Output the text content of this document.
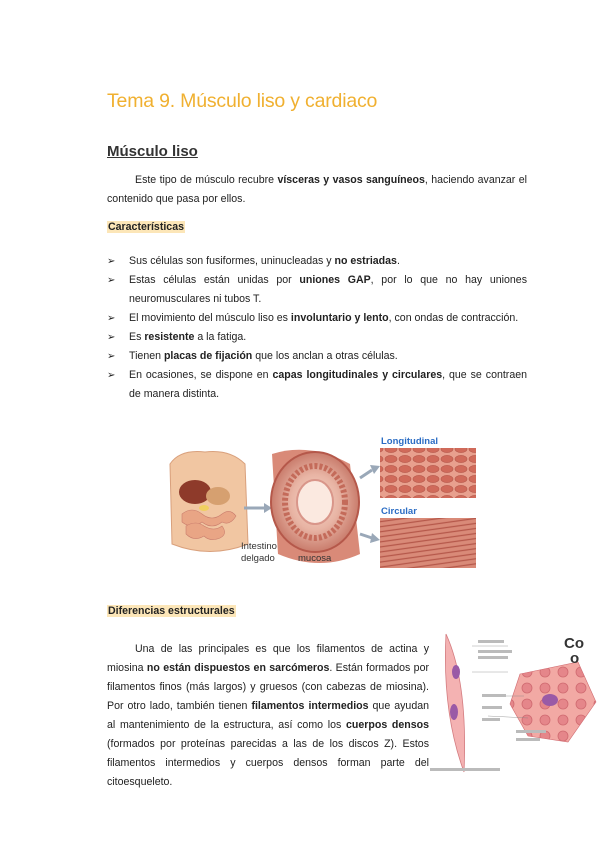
Tema 9. Músculo liso y cardiaco
Músculo liso
Este tipo de músculo recubre vísceras y vasos sanguíneos, haciendo avanzar el contenido que pasa por ellos.
Características
➢ Sus células son fusiformes, uninucleadas y no estriadas.
➢ Estas células están unidas por uniones GAP, por lo que no hay uniones neuromusculares ni tubos T.
➢ El movimiento del músculo liso es involuntario y lento, con ondas de contracción.
➢ Es resistente a la fatiga.
➢ Tienen placas de fijación que los anclan a otras células.
➢ En ocasiones, se dispone en capas longitudinales y circulares, que se contraen de manera distinta.
Longitudinal
Circular
Intestino
delgado mucosa
Diferencias estructurales
Una de las principales es que los filamentos de actina y miosina no están dispuestos en sarcómeros. Están formados por filamentos finos (más largos) y gruesos (con cabezas de miosina). Por otro lado, también tienen filamentos intermedios que ayudan al mantenimiento de la estructura, así como los cuerpos densos (formados por proteínas parecidas a las de los discos Z). Estos filamentos intermedios y cuerpos densos forman parte del citoesqueleto.
Co
o
